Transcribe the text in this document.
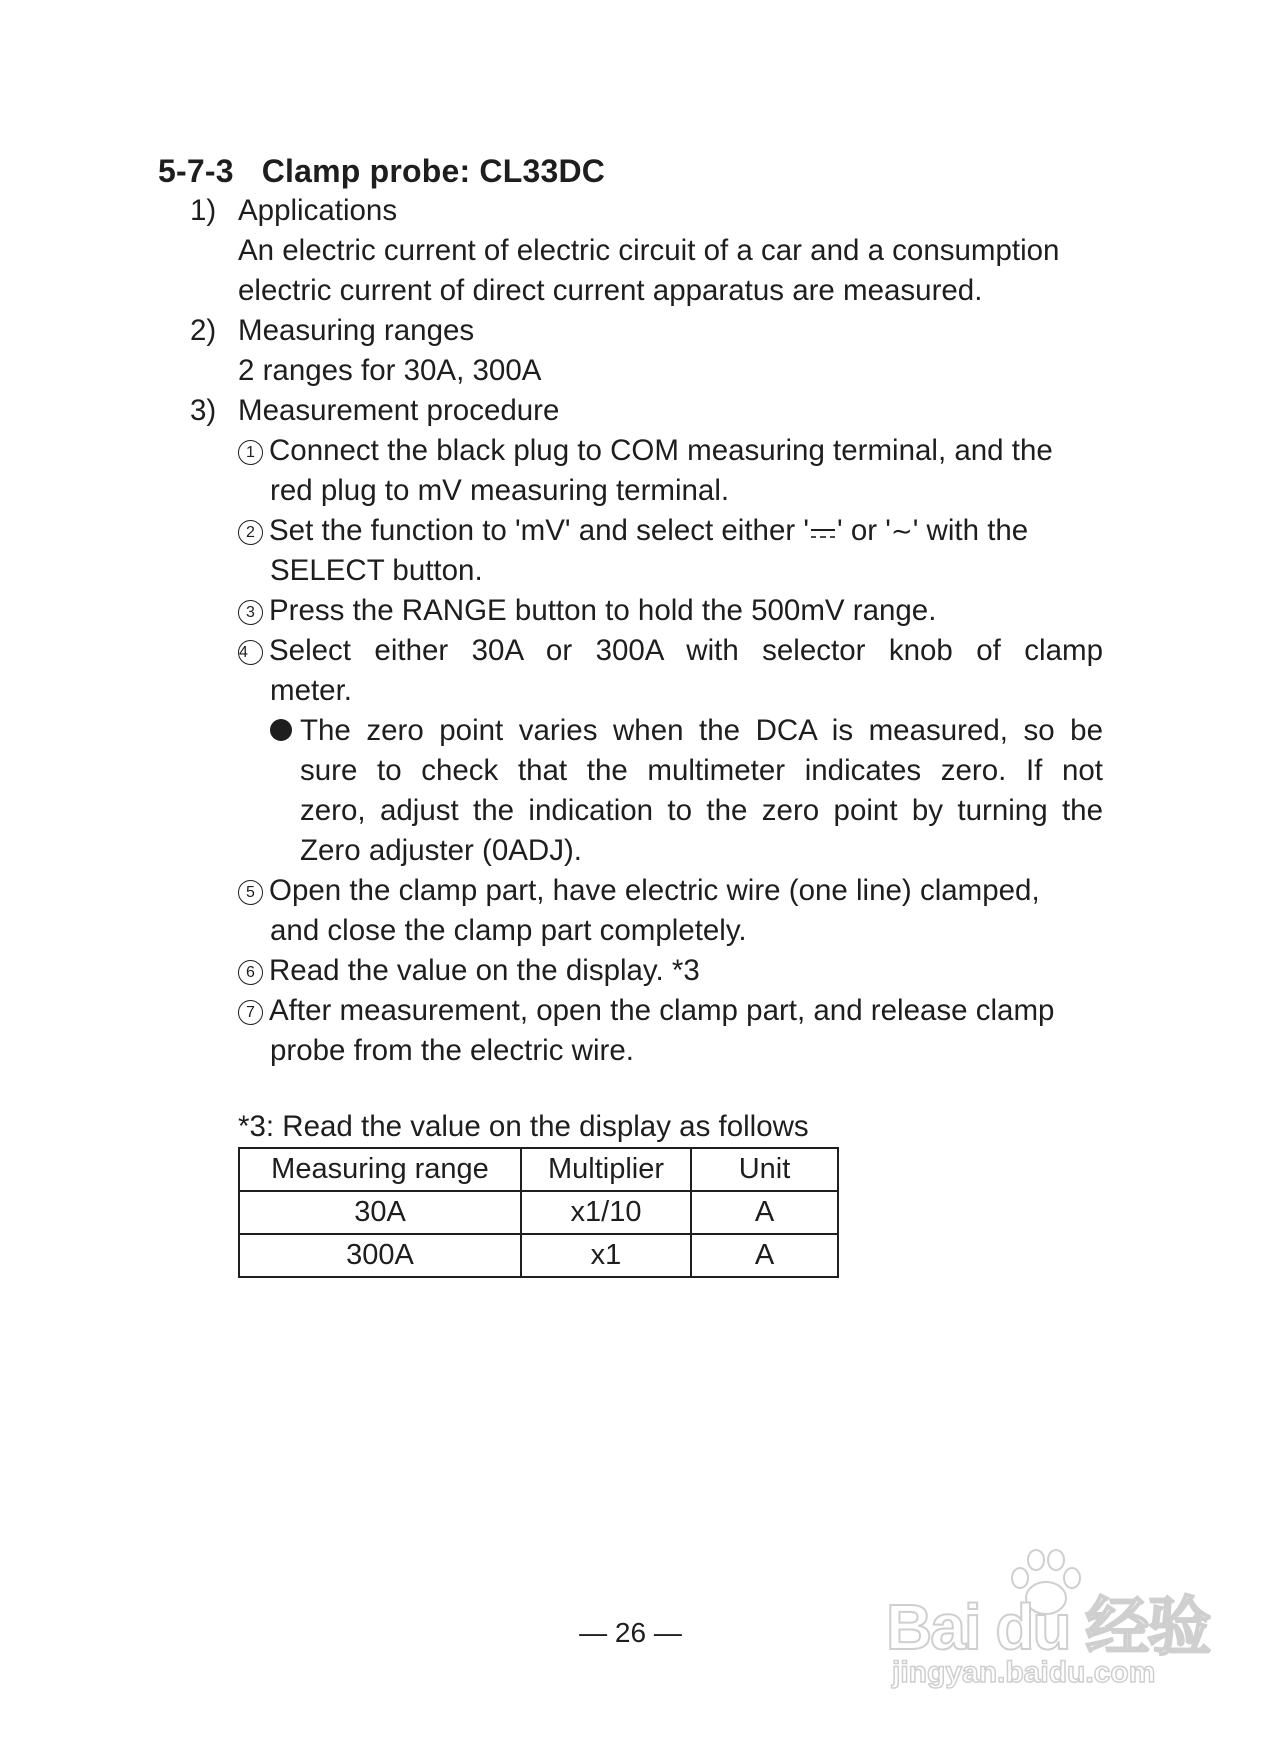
5-7-3 Clamp probe: CL33DC
1) Applications
An electric current of electric circuit of a car and a consumption
electric current of direct current apparatus are measured.
2) Measuring ranges
2 ranges for 30A, 300A
3) Measurement procedure
1 Connect the black plug to COM measuring terminal, and the
red plug to mV measuring terminal.
2 Set the function to 'mV' and select either ' ' or '∼' with the
SELECT button.
3 Press the RANGE button to hold the 500mV range.
4 Select either 30A or 300A with selector knob of clamp
meter.
The zero point varies when the DCA is measured, so be
sure to check that the multimeter indicates zero. If not
zero, adjust the indication to the zero point by turning the
Zero adjuster (0ADJ).
5 Open the clamp part, have electric wire (one line) clamped,
and close the clamp part completely.
6 Read the value on the display. *3
7 After measurement, open the clamp part, and release clamp
probe from the electric wire.
*3: Read the value on the display as follows
Measuring range	Multiplier	Unit
30A	x1/10	A
300A	x1	A
— 26 —	Bai du 经验
jingyan.baidu.com
